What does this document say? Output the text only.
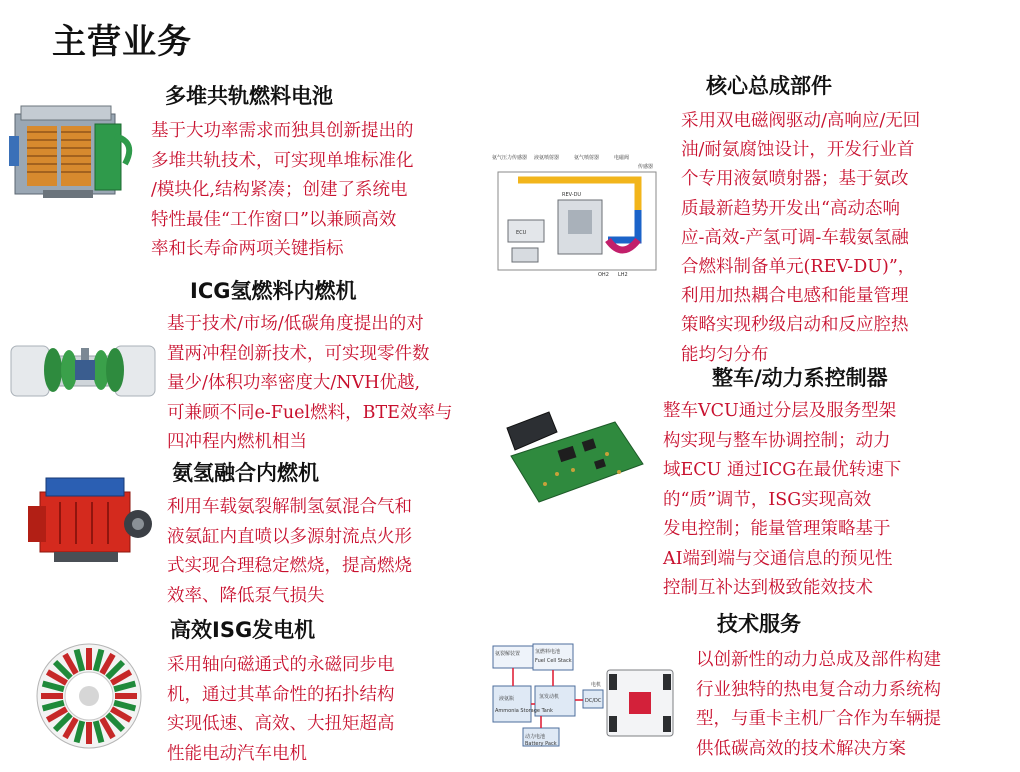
主营业务
多堆共轨燃料电池
基于大功率需求而独具创新提出的
多堆共轨技术，可实现单堆标准化
/模块化,结构紧凑；创建了系统电
特性最佳“工作窗口”以兼顾高效
率和长寿命两项关键指标
ICG氢燃料内燃机
基于技术/市场/低碳角度提出的对
置两冲程创新技术，可实现零件数
量少/体积功率密度大/NVH优越,
可兼顾不同e-Fuel燃料，BTE效率与
四冲程内燃机相当
氨氢融合内燃机
利用车载氨裂解制氢氨混合气和
液氨缸内直喷以多源射流点火形
式实现合理稳定燃烧，提高燃烧
效率、降低泵气损失
高效ISG发电机
采用轴向磁通式的永磁同步电
机，通过其革命性的拓扑结构
实现低速、高效、大扭矩超高
性能电动汽车电机
核心总成部件
氨气压力传感器 液氨喷射器	氨气喷射器	电磁阀
传感器
REV-DU
ECU
OH2 LH2
采用双电磁阀驱动/高响应/无回
油/耐氨腐蚀设计，开发行业首
个专用液氨喷射器；基于氨改
质最新趋势开发出“高动态响
应-高效-产氢可调-车载氨氢融
合燃料制备单元(REV-DU)”，
利用加热耦合电感和能量管理
策略实现秒级启动和反应腔热
能均匀分布
整车/动力系控制器
整车VCU通过分层及服务型架
构实现与整车协调控制；动力
域ECU 通过ICG在最优转速下
的“质”调节，ISG实现高效
发电控制；能量管理策略基于
AI端到端与交通信息的预见性
控制互补达到极致能效技术
技术服务
氨裂解装置	氢燃料电池
Fuel Cell Stack
液氨瓶
Ammonia Storage Tank
氢发动机
DC/DC
电机
动力电池
Battery Pack
以创新性的动力总成及部件构建
行业独特的热电复合动力系统构
型，与重卡主机厂合作为车辆提
供低碳高效的技术解决方案
